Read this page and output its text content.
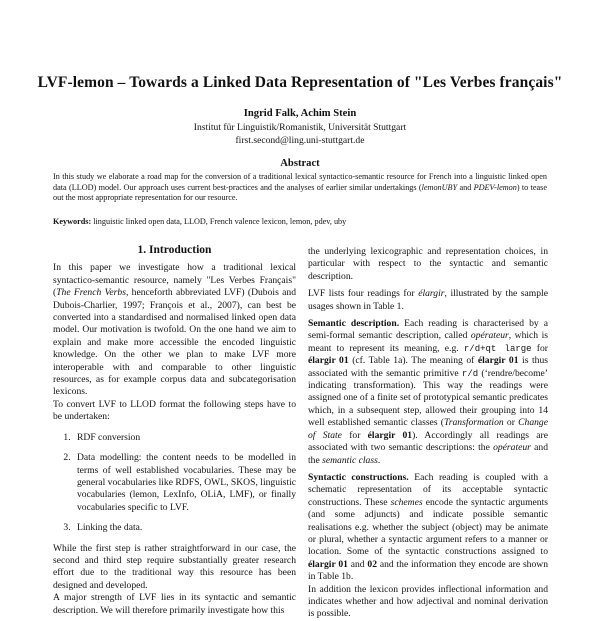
LVF-lemon – Towards a Linked Data Representation of "Les Verbes français"
Ingrid Falk, Achim Stein
Institut für Linguistik/Romanistik, Universität Stuttgart
first.second@ling.uni-stuttgart.de
Abstract
In this study we elaborate a road map for the conversion of a traditional lexical syntactico-semantic resource for French into a linguistic linked open data (LLOD) model. Our approach uses current best-practices and the analyses of earlier similar undertakings (lemonUBY and PDEV-lemon) to tease out the most appropriate representation for our resource.
Keywords: linguistic linked open data, LLOD, French valence lexicon, lemon, pdev, uby
1. Introduction

In this paper we investigate how a traditional lexical syntactico-semantic resource, namely "Les Verbes Français" (The French Verbs, henceforth abbreviated LVF) (Dubois and Dubois-Charlier, 1997; François et al., 2007), can best be converted into a standardised and normalised linked open data model. Our motivation is twofold. On the one hand we aim to explain and make more accessible the encoded linguistic knowledge. On the other we plan to make LVF more interoperable with and comparable to other linguistic resources, as for example corpus data and subcategorisation lexicons.

To convert LVF to LLOD format the following steps have to be undertaken:

1. RDF conversion
2. Data modelling: the content needs to be modelled in terms of well established vocabularies. These may be general vocabularies like RDFS, OWL, SKOS, linguistic vocabularies (lemon, LexInfo, OLiA, LMF), or finally vocabularies specific to LVF.
3. Linking the data.

While the first step is rather straightforward in our case, the second and third step require substantially greater research effort due to the traditional way this resource has been designed and developed.

A major strength of LVF lies in its syntactic and semantic description. We will therefore primarily investigate how this

the underlying lexicographic and representation choices, in particular with respect to the syntactic and semantic description.

LVF lists four readings for élargir, illustrated by the sample usages shown in Table 1.

Semantic description. Each reading is characterised by a semi-formal semantic description, called opérateur, which is meant to represent its meaning, e.g. r/d+qt large for élargir 01 (cf. Table 1a). The meaning of élargir 01 is thus associated with the semantic primitive r/d (‘rendre/become’ indicating transformation). This way the readings were assigned one of a finite set of prototypical semantic predicates which, in a subsequent step, allowed their grouping into 14 well established semantic classes (Transformation or Change of State for élargir 01). Accordingly all readings are associated with two semantic descriptions: the opérateur and the semantic class.

Syntactic constructions. Each reading is coupled with a schematic representation of its acceptable syntactic constructions. These schemes encode the syntactic arguments (and some adjuncts) and indicate possible semantic realisations e.g. whether the subject (object) may be animate or plural, whether a syntactic argument refers to a manner or location. Some of the syntactic constructions assigned to élargir 01 and 02 and the information they encode are shown in Table 1b.

In addition the lexicon provides inflectional information and indicates whether and how adjectival and nominal derivation is possible.
